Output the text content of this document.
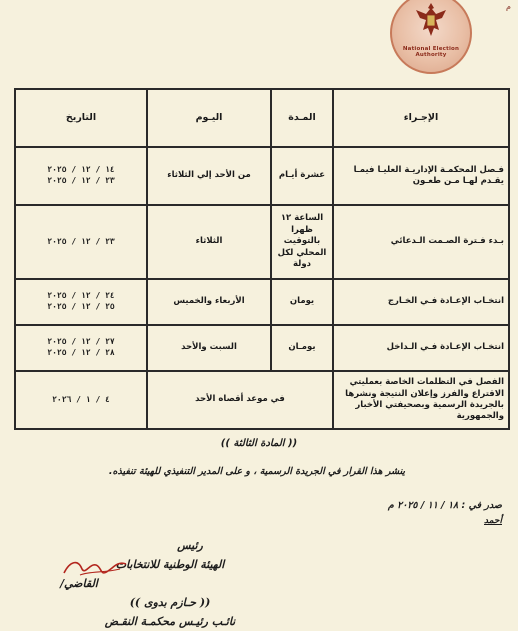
National Election Authority
م
الإجـراء	المـدة	اليـوم	التاريخ
فـصل المحكمـة الإداريـة العليـا فيمـا يقـدم لهـا مـن طعـون	عشرة أيـام	من الأحد إلي الثلاثاء	١٤ / ١٢ / ٢٠٢٥
٢٣ / ١٢ / ٢٠٢٥

بـدء فـترة الصـمت الـدعائي	الساعة ١٢ ظهرا بالتوقيت المحلي لكل دولة	الثلاثاء	٢٣ / ١٢ / ٢٠٢٥

انتخـاب الإعـادة فـي الخـارج	يومان	الأربعاء والخميس	٢٤ / ١٢ / ٢٠٢٥
٢٥ / ١٢ / ٢٠٢٥

انتخـاب الإعـادة فـي الـداخل	يومـان	السبت والأحد	٢٧ / ١٢ / ٢٠٢٥
٢٨ / ١٢ / ٢٠٢٥

الفصل في التظلمات الخاصة بعمليتي الاقتراع والفرز وإعلان النتيجة ونشرها بالجريدة الرسمية وبصحيفتي الأخبار والجمهورية	في موعد أقصاه الأحد		٤ / ١ / ٢٠٢٦
(( المادة الثالثة ))
ينشر هذا القرار في الجريدة الرسمية ، و على المدير التنفيذي للهيئة تنفيذه.
صدر في : ١٨ / ١١ / ٢٠٢٥ م
أحمد
رئيس
الهيئة الوطنية للانتخابات
القاضي/
(( حـازم بدوى ))
نائـب رئيـس محكمـة النقـض
